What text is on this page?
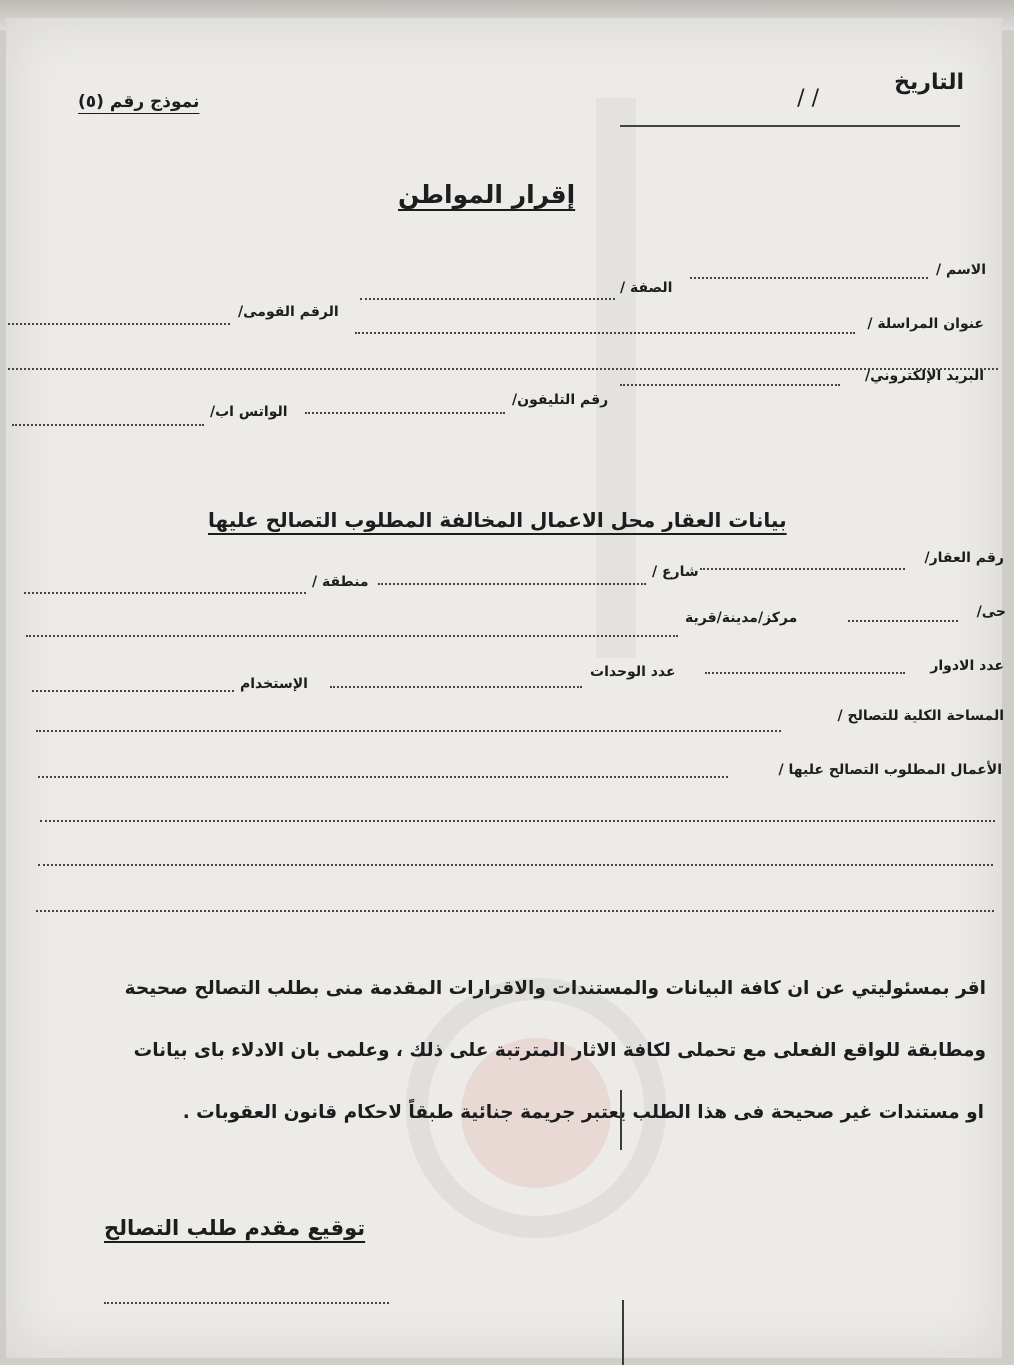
التاريخ
/ /
نموذج رقم (٥)
إقرار المواطن
الاسم /
الصفة /
عنوان المراسلة /
الرقم القومى/
البريد الإلكتروني/
رقم التليفون/
الواتس اب/
بيانات العقار محل الاعمال المخالفة المطلوب التصالح عليها
رقم العقار/
شارع /
منطقة /
حى/
مركز/مدينة/قرية
عدد الادوار
عدد الوحدات
الإستخدام
المساحة الكلية للتصالح /
الأعمال المطلوب التصالح عليها /
اقر بمسئوليتي عن ان كافة البيانات والمستندات والاقرارات المقدمة منى بطلب التصالح صحيحة
ومطابقة للواقع الفعلى مع تحملى لكافة الاثار المترتبة على ذلك ، وعلمى بان الادلاء باى بيانات
او مستندات غير صحيحة فى هذا الطلب يعتبر جريمة جنائية طبقاً لاحكام قانون العقوبات .
توقيع مقدم طلب التصالح
